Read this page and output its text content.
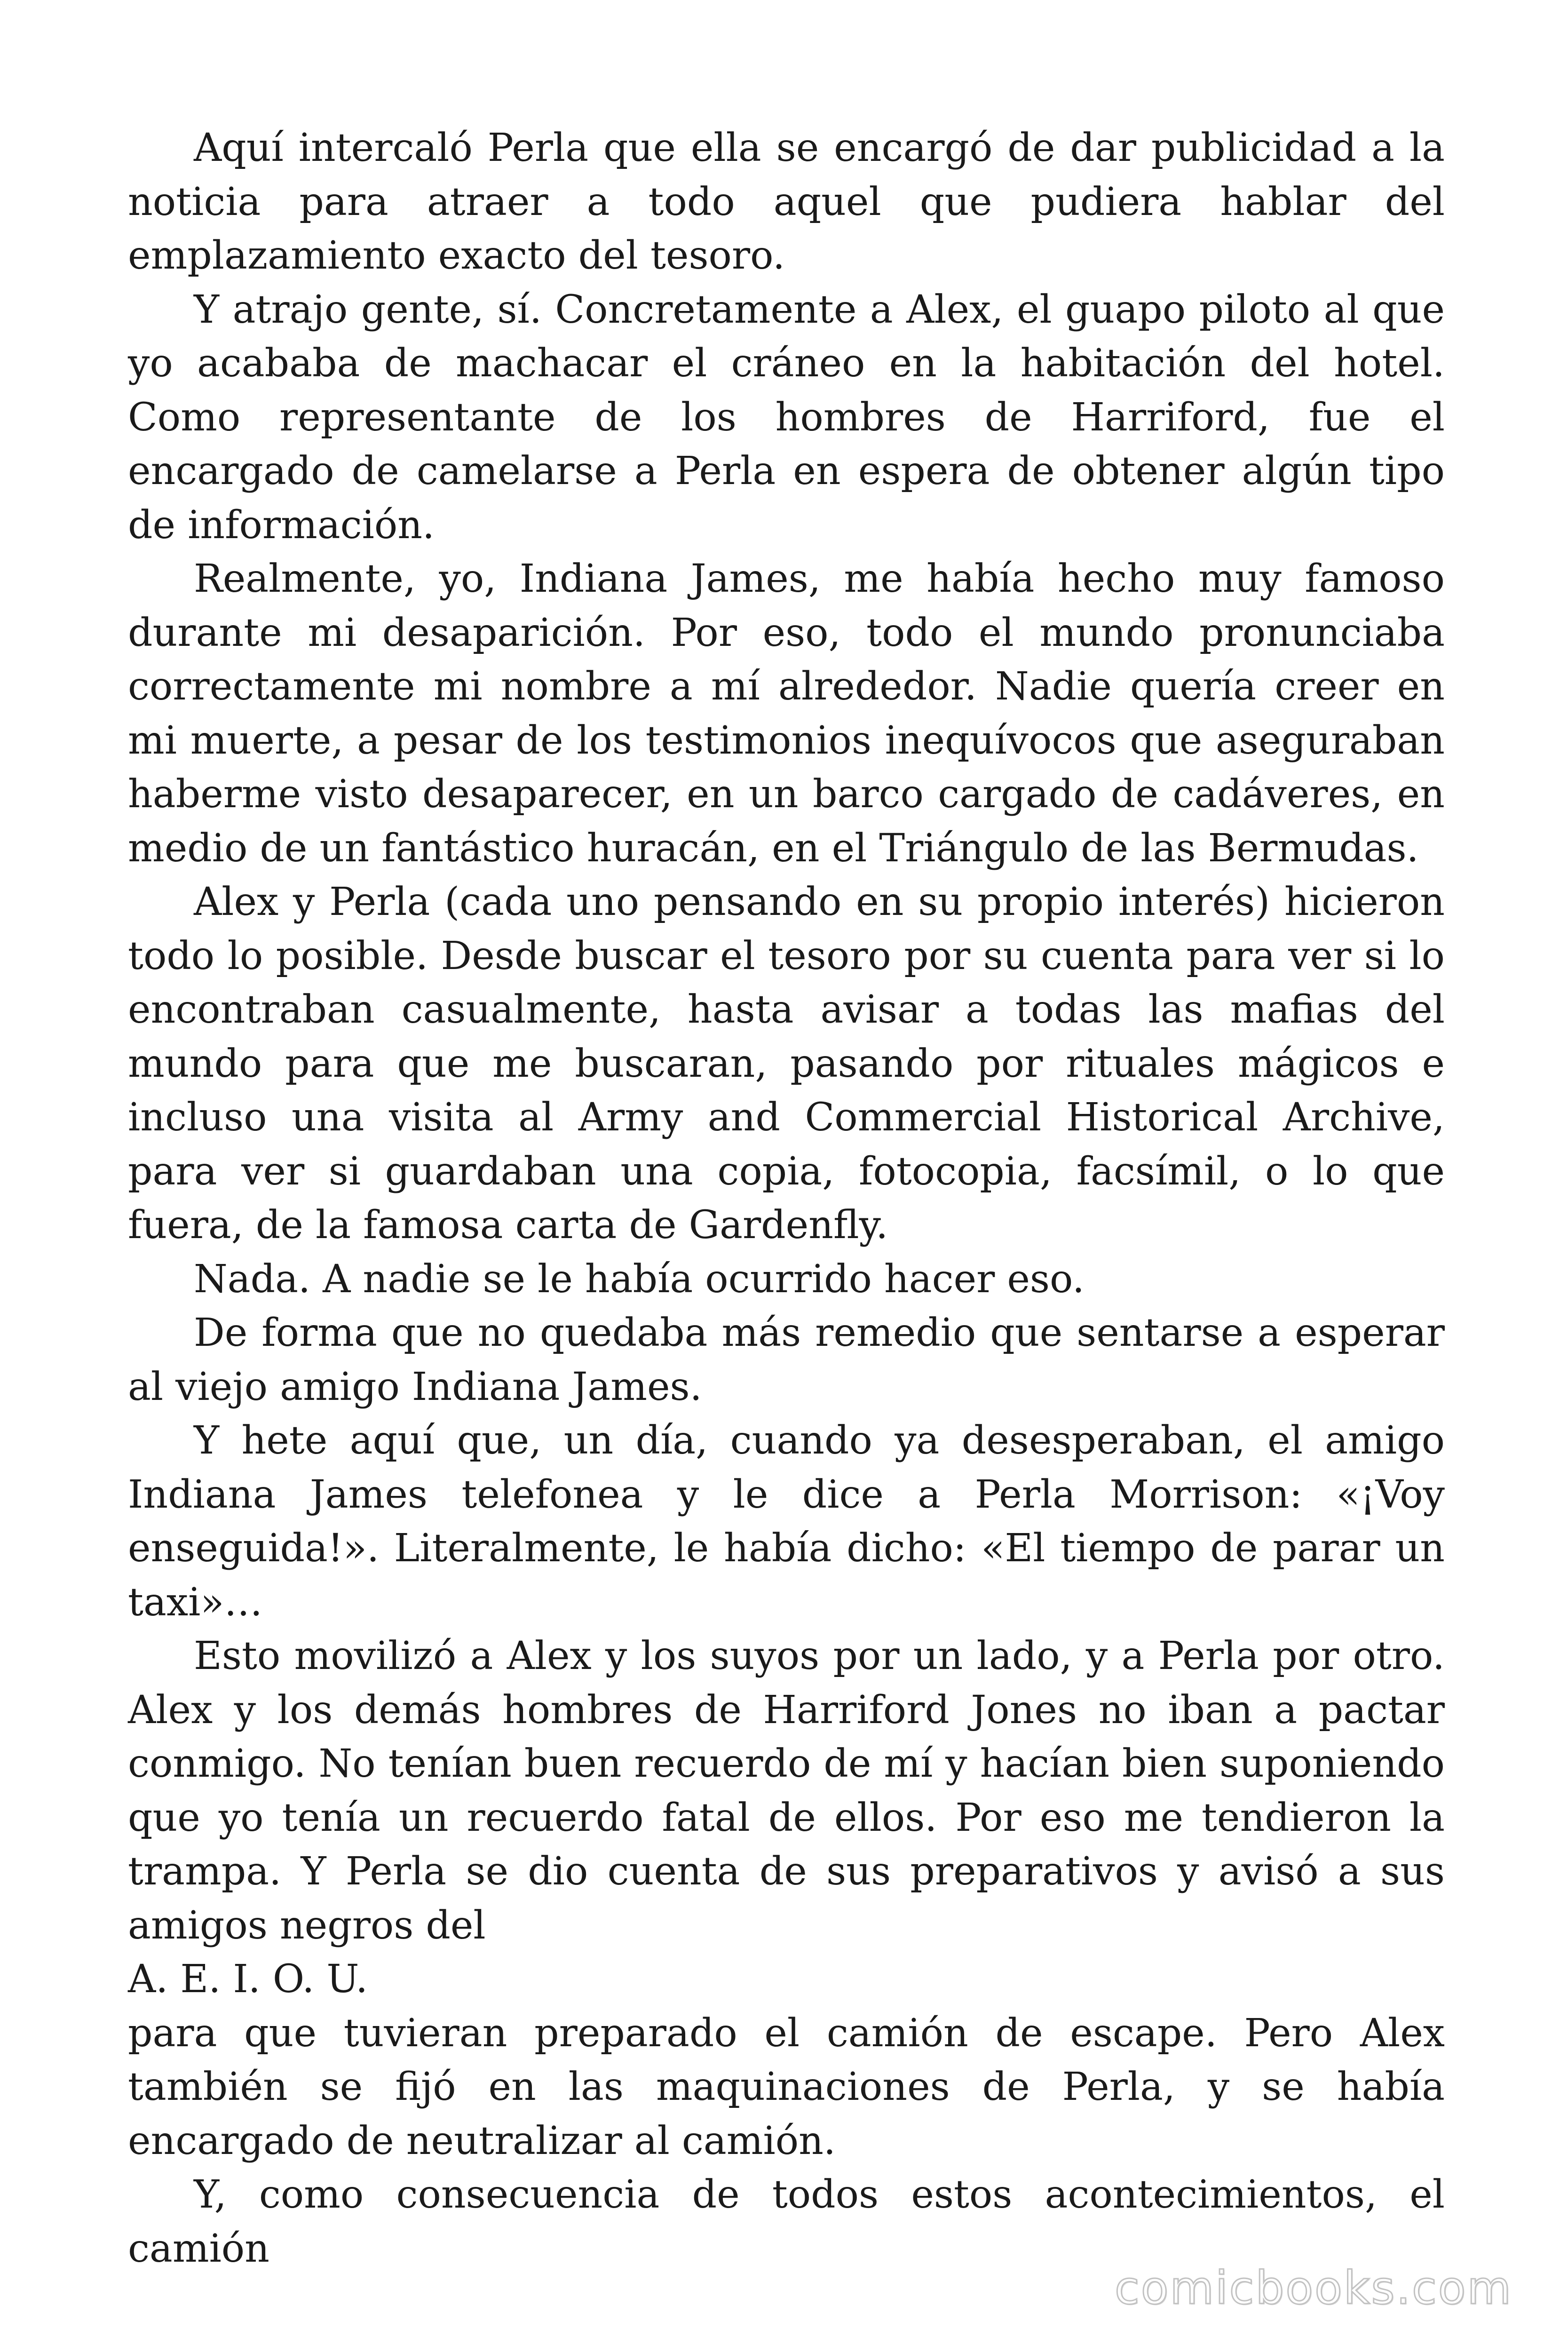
Aquí intercaló Perla que ella se encargó de dar publicidad a la noticia para atraer a todo aquel que pudiera hablar del emplazamiento exacto del tesoro.

Y atrajo gente, sí. Concretamente a Alex, el guapo piloto al que yo acababa de machacar el cráneo en la habitación del hotel. Como representante de los hombres de Harriford, fue el encargado de camelarse a Perla en espera de obtener algún tipo de información.

Realmente, yo, Indiana James, me había hecho muy famoso durante mi desaparición. Por eso, todo el mundo pronunciaba correctamente mi nombre a mí alrededor. Nadie quería creer en mi muerte, a pesar de los testimonios inequívocos que aseguraban haberme visto desaparecer, en un barco cargado de cadáveres, en medio de un fantástico huracán, en el Triángulo de las Bermudas.

Alex y Perla (cada uno pensando en su propio interés) hicieron todo lo posible. Desde buscar el tesoro por su cuenta para ver si lo encontraban casualmente, hasta avisar a todas las mafias del mundo para que me buscaran, pasando por rituales mágicos e incluso una visita al Army and Commercial Historical Archive, para ver si guardaban una copia, fotocopia, facsímil, o lo que fuera, de la famosa carta de Gardenfly.

Nada. A nadie se le había ocurrido hacer eso.

De forma que no quedaba más remedio que sentarse a esperar al viejo amigo Indiana James.

Y hete aquí que, un día, cuando ya desesperaban, el amigo Indiana James telefonea y le dice a Perla Morrison: «¡Voy enseguida!». Literalmente, le había dicho: «El tiempo de parar un taxi»…

Esto movilizó a Alex y los suyos por un lado, y a Perla por otro. Alex y los demás hombres de Harriford Jones no iban a pactar conmigo. No tenían buen recuerdo de mí y hacían bien suponiendo que yo tenía un recuerdo fatal de ellos. Por eso me tendieron la trampa. Y Perla se dio cuenta de sus preparativos y avisó a sus amigos negros del

A. E. I. O. U.

para que tuvieran preparado el camión de escape. Pero Alex también se fijó en las maquinaciones de Perla, y se había encargado de neutralizar al camión.

Y, como consecuencia de todos estos acontecimientos, el camión

comicbooks.com
